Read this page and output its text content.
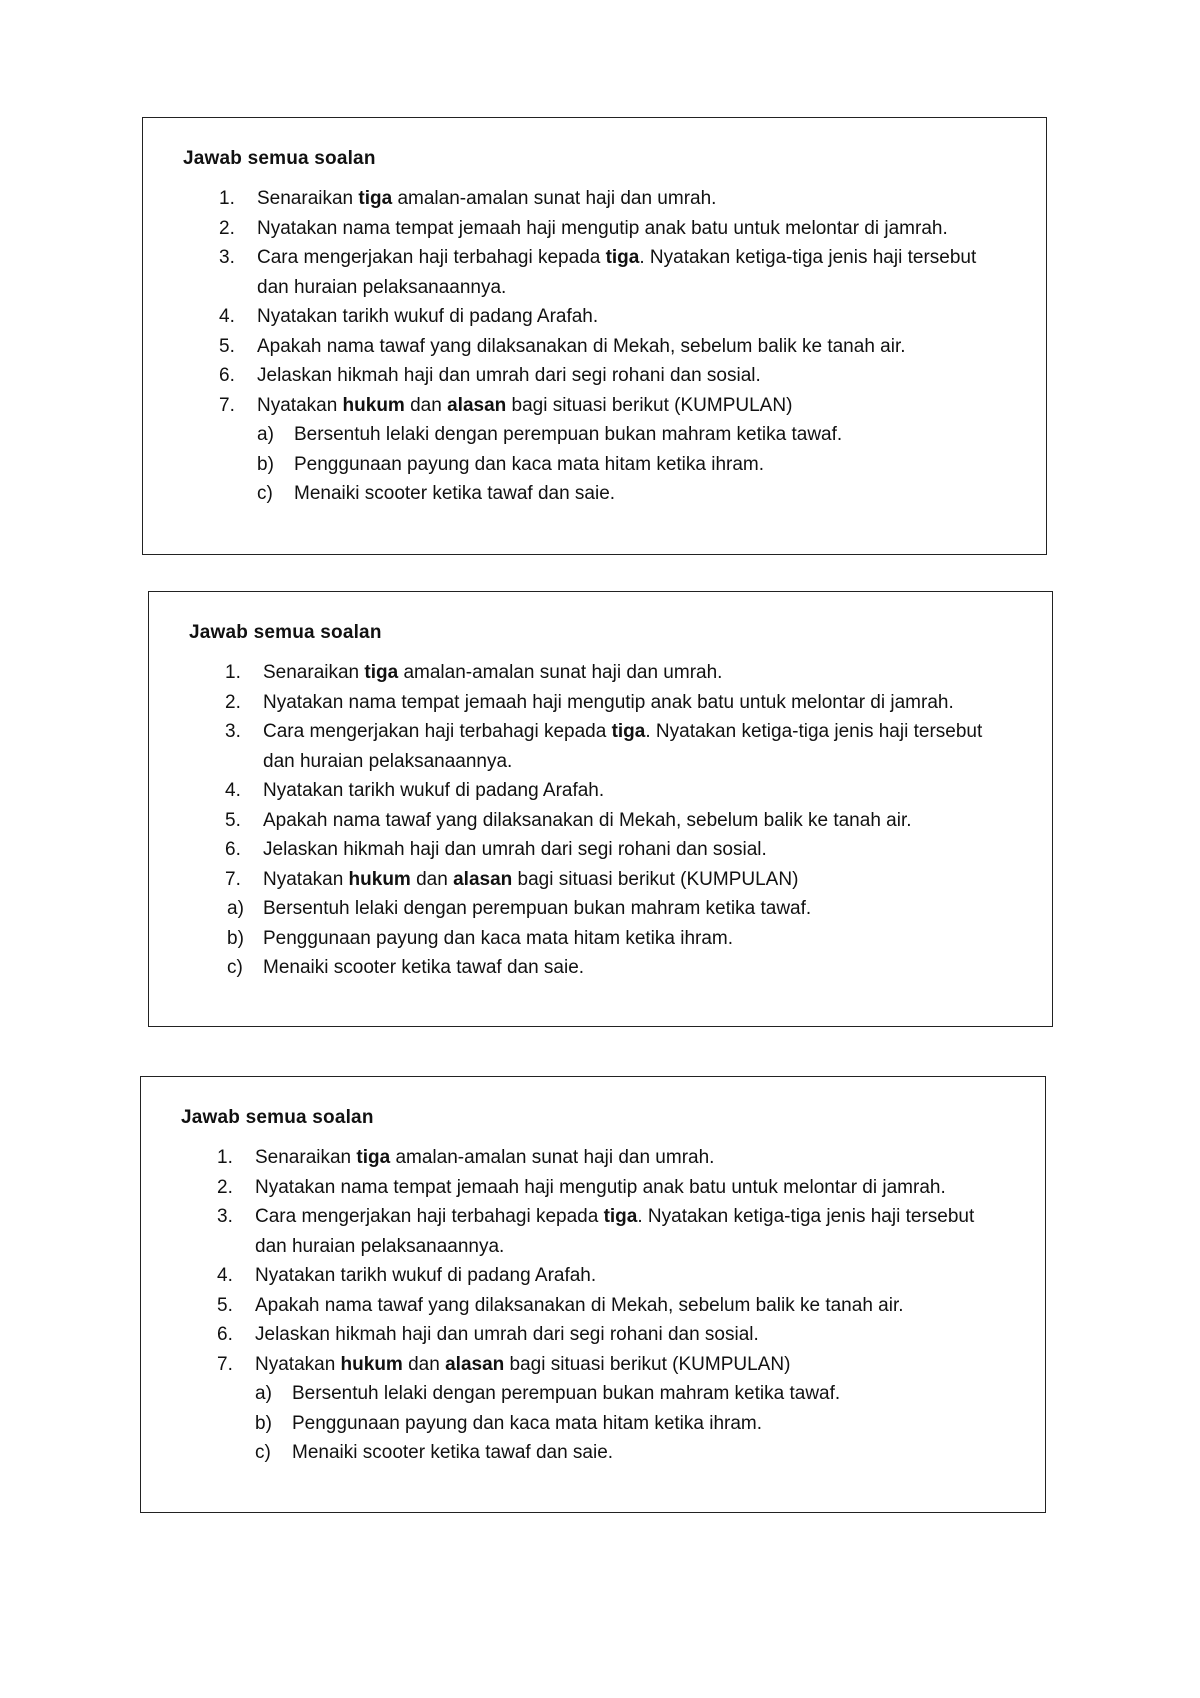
Jawab semua soalan
1. Senaraikan tiga amalan-amalan sunat haji dan umrah.
2. Nyatakan nama tempat jemaah haji mengutip anak batu untuk melontar di jamrah.
3. Cara mengerjakan haji terbahagi kepada tiga. Nyatakan ketiga-tiga jenis haji tersebut
dan huraian pelaksanaannya.
4. Nyatakan tarikh wukuf di padang Arafah.
5. Apakah nama tawaf yang dilaksanakan di Mekah, sebelum balik ke tanah air.
6. Jelaskan hikmah haji dan umrah dari segi rohani dan sosial.
7. Nyatakan hukum dan alasan bagi situasi berikut (KUMPULAN)
a) Bersentuh lelaki dengan perempuan bukan mahram ketika tawaf.
b) Penggunaan payung dan kaca mata hitam ketika ihram.
c) Menaiki scooter ketika tawaf dan saie.
Jawab semua soalan
1. Senaraikan tiga amalan-amalan sunat haji dan umrah.
2. Nyatakan nama tempat jemaah haji mengutip anak batu untuk melontar di jamrah.
3. Cara mengerjakan haji terbahagi kepada tiga. Nyatakan ketiga-tiga jenis haji tersebut
dan huraian pelaksanaannya.
4. Nyatakan tarikh wukuf di padang Arafah.
5. Apakah nama tawaf yang dilaksanakan di Mekah, sebelum balik ke tanah air.
6. Jelaskan hikmah haji dan umrah dari segi rohani dan sosial.
7. Nyatakan hukum dan alasan bagi situasi berikut (KUMPULAN)
a) Bersentuh lelaki dengan perempuan bukan mahram ketika tawaf.
b) Penggunaan payung dan kaca mata hitam ketika ihram.
c) Menaiki scooter ketika tawaf dan saie.
Jawab semua soalan
1. Senaraikan tiga amalan-amalan sunat haji dan umrah.
2. Nyatakan nama tempat jemaah haji mengutip anak batu untuk melontar di jamrah.
3. Cara mengerjakan haji terbahagi kepada tiga. Nyatakan ketiga-tiga jenis haji tersebut
dan huraian pelaksanaannya.
4. Nyatakan tarikh wukuf di padang Arafah.
5. Apakah nama tawaf yang dilaksanakan di Mekah, sebelum balik ke tanah air.
6. Jelaskan hikmah haji dan umrah dari segi rohani dan sosial.
7. Nyatakan hukum dan alasan bagi situasi berikut (KUMPULAN)
a) Bersentuh lelaki dengan perempuan bukan mahram ketika tawaf.
b) Penggunaan payung dan kaca mata hitam ketika ihram.
c) Menaiki scooter ketika tawaf dan saie.
